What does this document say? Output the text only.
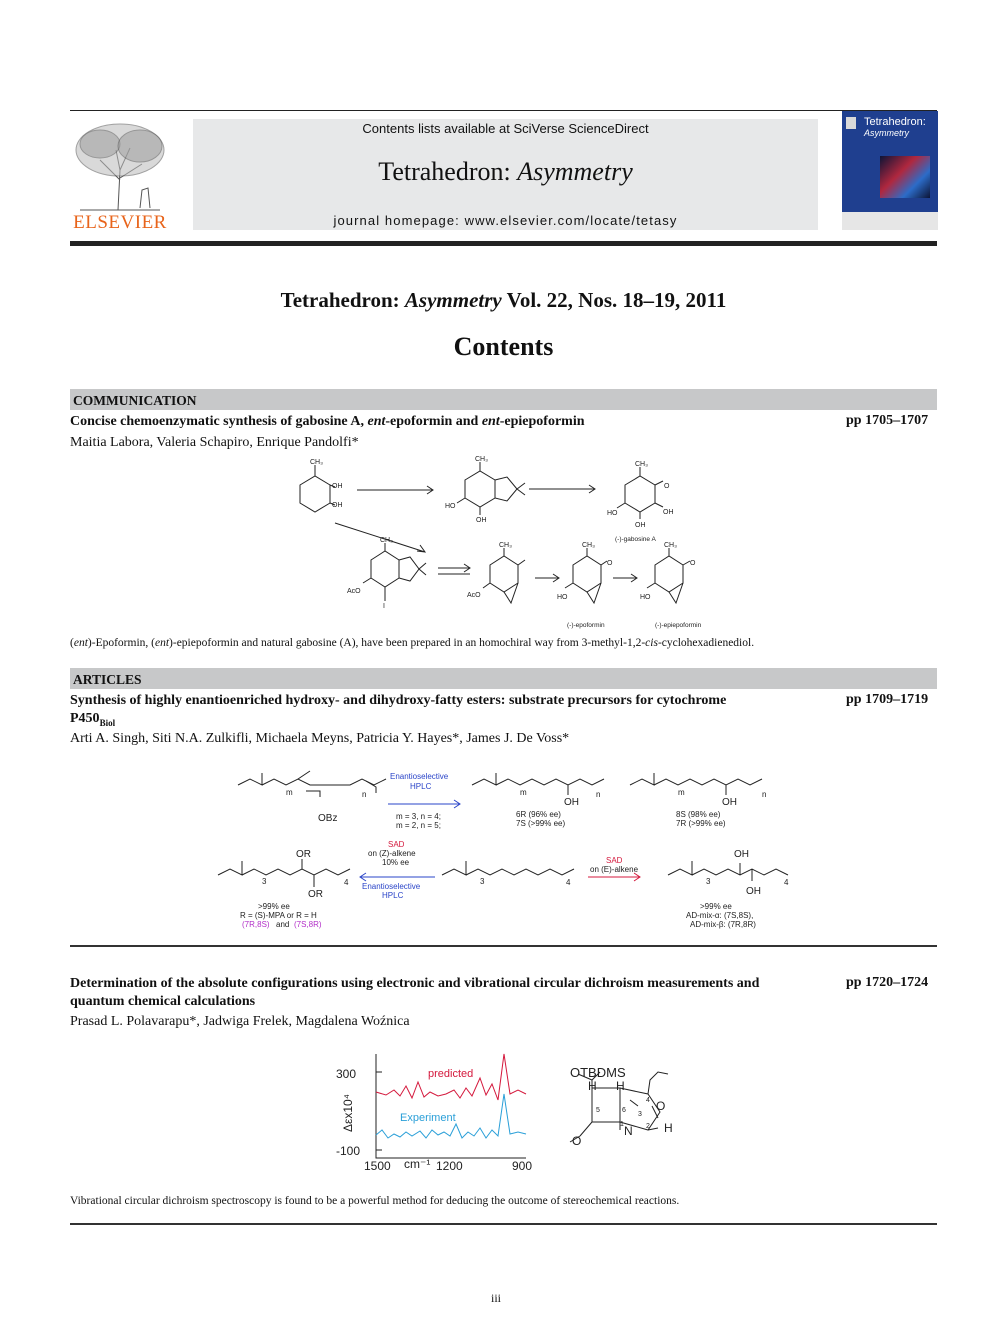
ELSEVIER
Contents lists available at SciVerse ScienceDirect
Tetrahedron: Asymmetry
journal homepage: www.elsevier.com/locate/tetasy
Tetrahedron:
Asymmetry
Tetrahedron: Asymmetry Vol. 22, Nos. 18–19, 2011
Contents
COMMUNICATION
Concise chemoenzymatic synthesis of gabosine A, ent-epoformin and ent-epiepoformin	pp 1705–1707
Maitia Labora, Valeria Schapiro, Enrique Pandolfi*
CH₃
OH
OH
CH₃
HO
OH
CH₃
O
HO
OH
OH
(-)-gabosine A
CH₃
AcO
I
CH₃
AcO
CH₃
O
HO
CH₃
O
HO
(-)-epoformin	(-)-epiepoformin
(ent)-Epoformin, (ent)-epiepoformin and natural gabosine (A), have been prepared in an homochiral way from 3-methyl-1,2-cis-cyclohexadienediol.
ARTICLES
Synthesis of highly enantioenriched hydroxy- and dihydroxy-fatty esters: substrate precursors for cytochrome
$P450_{Biol}$
pp 1709–1719
Arti A. Singh, Siti N.A. Zulkifli, Michaela Meyns, Patricia Y. Hayes*, James J. De Voss*
OBz
m	n
Enantioselective
HPLC
m = 3, n = 4;
m = 2, n = 5;
OH
m	n
6R (96% ee)
7S (>99% ee)
OH
m	n
8S (98% ee)
7R (>99% ee)
OR
OR
3	4
SAD
on (Z)-alkene
10% ee
Enantioselective
HPLC
3	4
SAD
on (E)-alkene
OH
OH
3	4
>99% ee
R = (S)-MPA or R = H
(7R,8S) and (7S,8R)
>99% ee
AD-mix-α: (7S,8S),
AD-mix-β: (7R,8R)
Determination of the absolute configurations using electronic and vibrational circular dichroism measurements and
quantum chemical calculations
pp 1720–1724
Prasad L. Polavarapu*, Jadwiga Frelek, Magdalena Woźnica
300
-100
1500	1200	900
cm⁻¹
Δεx10⁴
predicted
Experiment
OTBDMS
H H
H
N
O
O
5	6
1	2
3
4
Vibrational circular dichroism spectroscopy is found to be a powerful method for deducing the outcome of stereochemical reactions.
iii
